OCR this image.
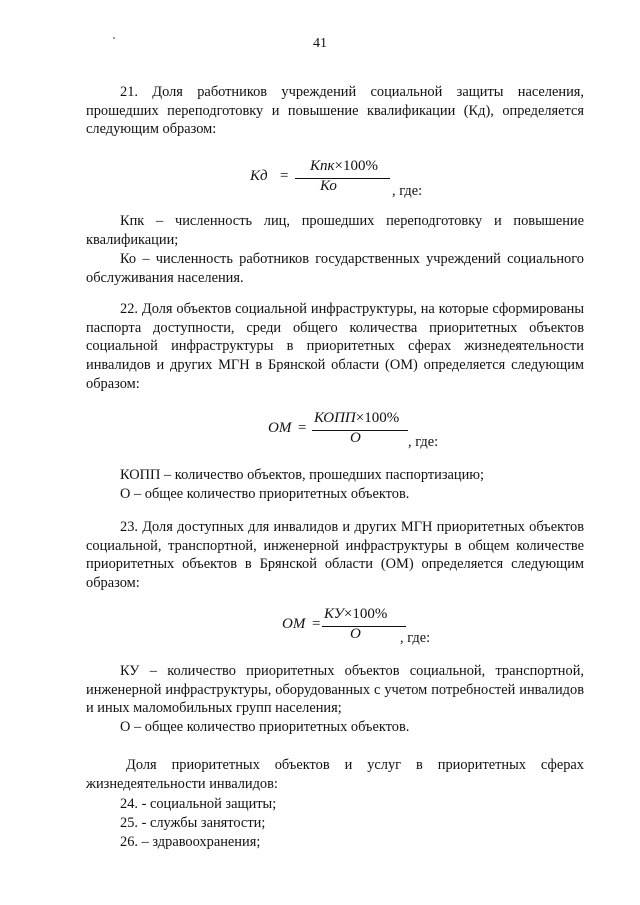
41

21. Доля работников учреждений социальной защиты населения, прошедших переподготовку и повышение квалификации (Кд), определяется следующим образом:

Кд =
Кпк×100%
Ко	, где:

Кпк – численность лиц, прошедших переподготовку и повышение квалификации;

Ко – численность работников государственных учреждений социального обслуживания населения.

22. Доля объектов социальной инфраструктуры, на которые сформированы паспорта доступности, среди общего количества приоритетных объектов социальной инфраструктуры в приоритетных сферах жизнедеятельности инвалидов и других МГН в Брянской области (ОМ) определяется следующим образом:

ОМ =
КОПП×100%
О	, где:

КОПП – количество объектов, прошедших паспортизацию;

О – общее количество приоритетных объектов.

23. Доля доступных для инвалидов и других МГН приоритетных объектов социальной, транспортной, инженерной инфраструктуры в общем количестве приоритетных объектов в Брянской области (ОМ) определяется следующим образом:

ОМ =
КУ×100%
О	, где:

КУ – количество приоритетных объектов социальной, транспортной, инженерной инфраструктуры, оборудованных с учетом потребностей инвалидов и иных маломобильных групп населения;

О – общее количество приоритетных объектов.

Доля приоритетных объектов и услуг в приоритетных сферах жизнедеятельности инвалидов:

24. - социальной защиты;

25. - службы занятости;

26. – здравоохранения;
